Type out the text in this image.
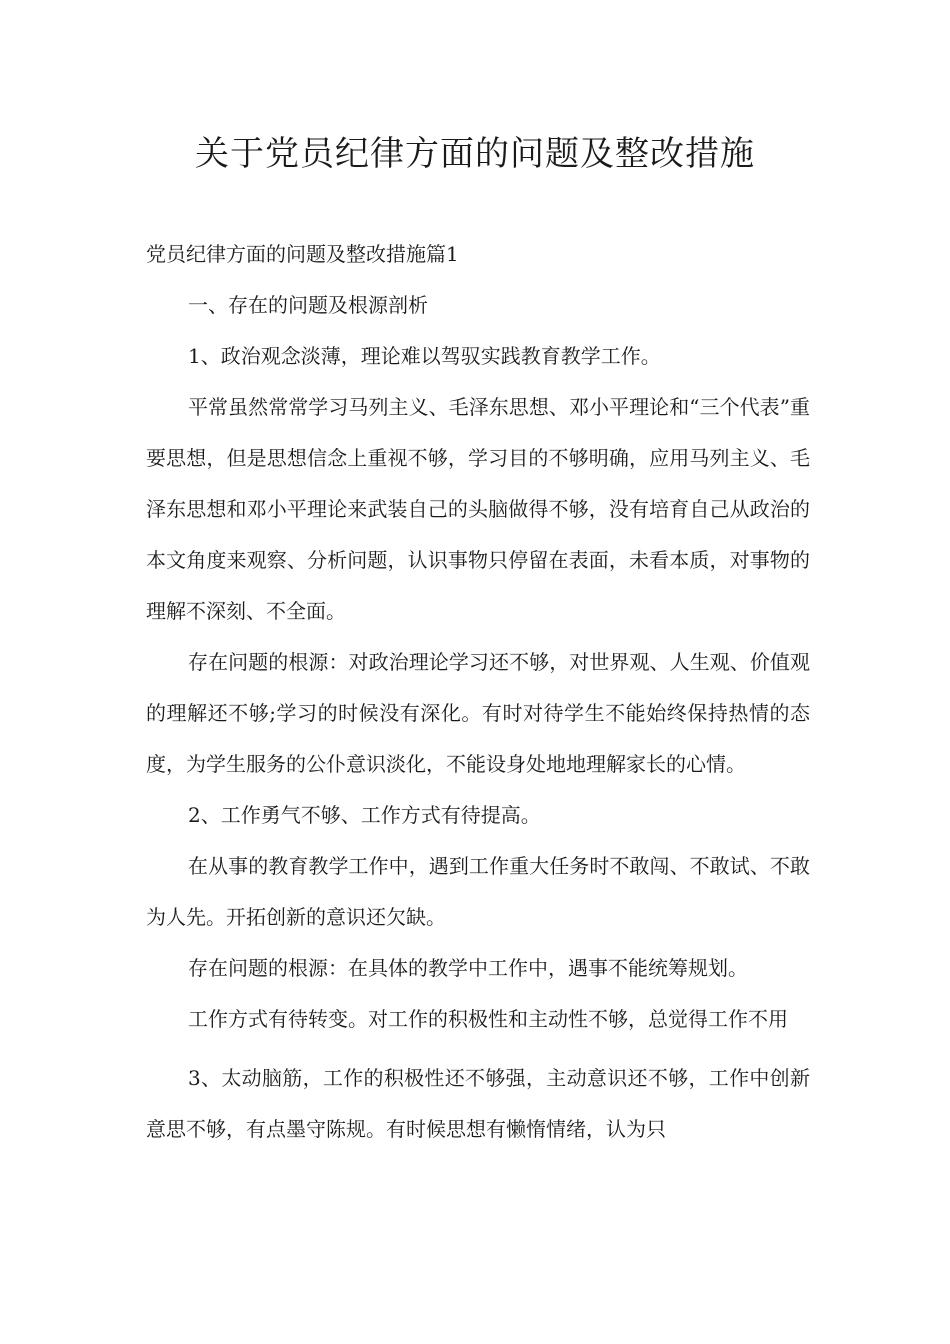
关于党员纪律方面的问题及整改措施

党员纪律方面的问题及整改措施篇1

一、存在的问题及根源剖析

1、政治观念淡薄，理论难以驾驭实践教育教学工作。

平常虽然常常学习马列主义、毛泽东思想、邓小平理论和“三个代表”重要思想，但是思想信念上重视不够，学习目的不够明确，应用马列主义、毛泽东思想和邓小平理论来武装自己的头脑做得不够，没有培育自己从政治的本文角度来观察、分析问题，认识事物只停留在表面，未看本质，对事物的理解不深刻、不全面。

存在问题的根源：对政治理论学习还不够，对世界观、人生观、价值观的理解还不够;学习的时候没有深化。有时对待学生不能始终保持热情的态度，为学生服务的公仆意识淡化，不能设身处地地理解家长的心情。

2、工作勇气不够、工作方式有待提高。

在从事的教育教学工作中，遇到工作重大任务时不敢闯、不敢试、不敢为人先。开拓创新的意识还欠缺。

存在问题的根源：在具体的教学中工作中，遇事不能统筹规划。

工作方式有待转变。对工作的积极性和主动性不够，总觉得工作不用

3、太动脑筋，工作的积极性还不够强，主动意识还不够，工作中创新意思不够，有点墨守陈规。有时候思想有懒惰情绪，认为只
